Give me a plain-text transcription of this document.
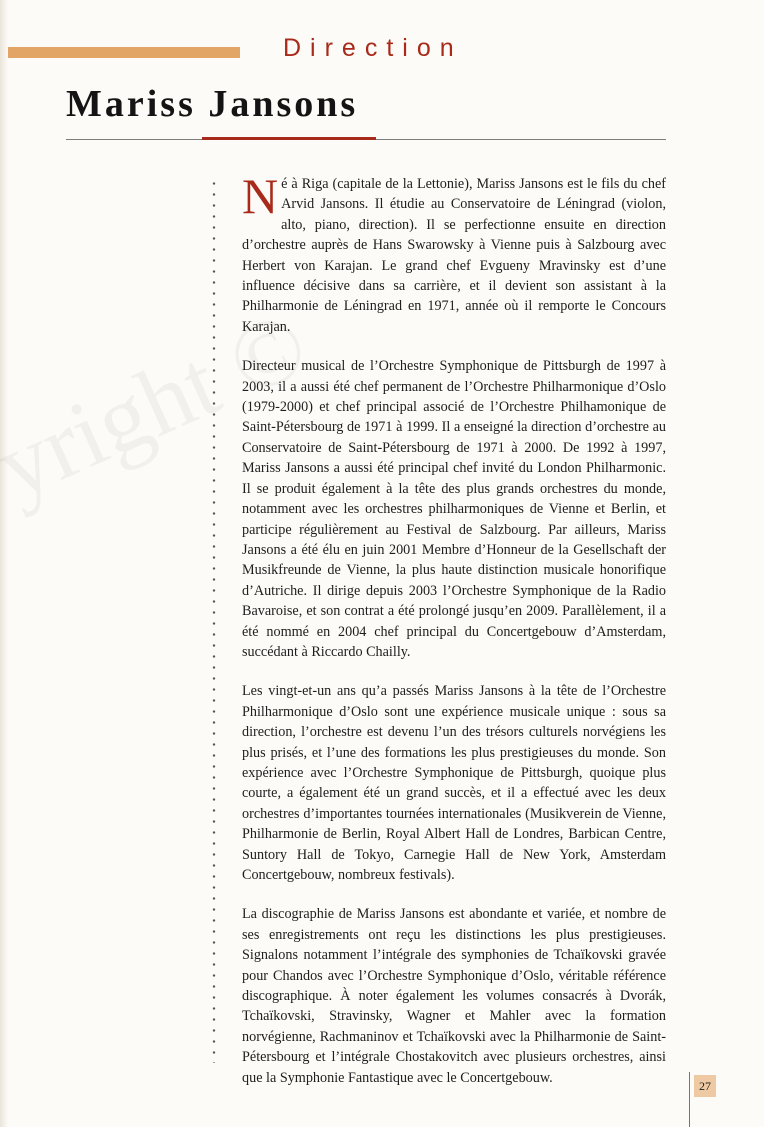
Direction
Mariss Jansons

Né à Riga (capitale de la Lettonie), Mariss Jansons est le fils du chef Arvid Jansons. Il étudie au Conservatoire de Léningrad (violon, alto, piano, direction). Il se perfectionne ensuite en direction d’orchestre auprès de Hans Swarowsky à Vienne puis à Salzbourg avec Herbert von Karajan. Le grand chef Evgueny Mravinsky est d’une influence décisive dans sa carrière, et il devient son assistant à la Philharmonie de Léningrad en 1971, année où il remporte le Concours Karajan.

Directeur musical de l’Orchestre Symphonique de Pittsburgh de 1997 à 2003, il a aussi été chef permanent de l’Orchestre Philharmonique d’Oslo (1979-2000) et chef principal associé de l’Orchestre Philhamonique de Saint-Pétersbourg de 1971 à 1999. Il a enseigné la direction d’orchestre au Conservatoire de Saint-Pétersbourg de 1971 à 2000. De 1992 à 1997, Mariss Jansons a aussi été principal chef invité du London Philharmonic. Il se produit également à la tête des plus grands orchestres du monde, notamment avec les orchestres philharmoniques de Vienne et Berlin, et participe régulièrement au Festival de Salzbourg. Par ailleurs, Mariss Jansons a été élu en juin 2001 Membre d’Honneur de la Gesellschaft der Musikfreunde de Vienne, la plus haute distinction musicale honorifique d’Autriche. Il dirige depuis 2003 l’Orchestre Symphonique de la Radio Bavaroise, et son contrat a été prolongé jusqu’en 2009. Parallèlement, il a été nommé en 2004 chef principal du Concertgebouw d’Amsterdam, succédant à Riccardo Chailly.

Les vingt-et-un ans qu’a passés Mariss Jansons à la tête de l’Orchestre Philharmonique d’Oslo sont une expérience musicale unique : sous sa direction, l’orchestre est devenu l’un des trésors culturels norvégiens les plus prisés, et l’une des formations les plus prestigieuses du monde. Son expérience avec l’Orchestre Symphonique de Pittsburgh, quoique plus courte, a également été un grand succès, et il a effectué avec les deux orchestres d’importantes tournées internationales (Musikverein de Vienne, Philharmonie de Berlin, Royal Albert Hall de Londres, Barbican Centre, Suntory Hall de Tokyo, Carnegie Hall de New York, Amsterdam Concertgebouw, nombreux festivals).

La discographie de Mariss Jansons est abondante et variée, et nombre de ses enregistrements ont reçu les distinctions les plus prestigieuses. Signalons notamment l’intégrale des symphonies de Tchaïkovski gravée pour Chandos avec l’Orchestre Symphonique d’Oslo, véritable référence discographique. À noter également les volumes consacrés à Dvorák, Tchaïkovski, Stravinsky, Wagner et Mahler avec la formation norvégienne, Rachmaninov et Tchaïkovski avec la Philharmonie de Saint-Pétersbourg et l’intégrale Chostakovitch avec plusieurs orchestres, ainsi que la Symphonie Fantastique avec le Concertgebouw.

27
